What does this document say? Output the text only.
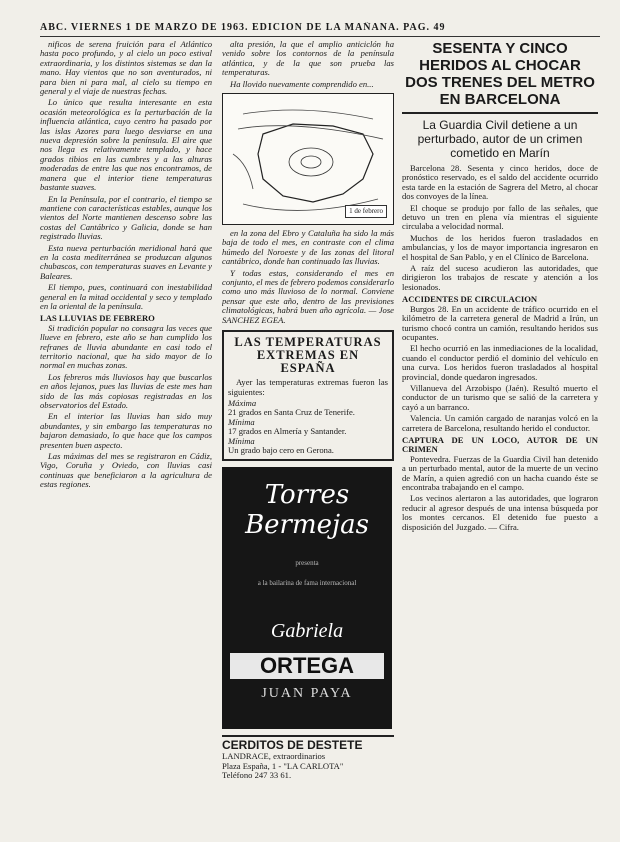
ABC. VIERNES 1 DE MARZO DE 1963. EDICION DE LA MAÑANA. PAG. 49

nificos de serena fruición para el Atlántico hasta poco profundo, y al cielo un poco estival extraordinaria, y los distintos sistemas se dan la mano. Hay vientos que no son aventurados, ni para bien ni para mal, al cielo su tiempo en general y el viaje de nuestras fechas.

Lo único que resulta interesante en esta ocasión meteorológica es la perturbación de la influencia atlántica, cuyo centro ha pasado por las islas Azores para luego desviarse en una nueva depresión sobre la península. El aire que nos llega es relativamente templado, y hace grados tibios en las cumbres y a las alturas moderadas de entre las que nos encontramos, de manera que el interior tiene temperaturas bastante suaves.

En la Península, por el contrario, el tiempo se mantiene con características estables, aunque los vientos del Norte mantienen descenso sobre las costas del Cantábrico y Galicia, donde se han registrado lluvias.

Esta nueva perturbación meridional hará que en la costa mediterránea se produzcan algunos chubascos, con temperaturas suaves en Levante y Baleares.

El tiempo, pues, continuará con inestabilidad general en la mitad occidental y seco y templado en la oriental de la península.

LAS LLUVIAS DE FEBRERO

Si tradición popular no consagra las veces que llueve en febrero, este año se han cumplido los refranes de lluvia abundante en casi todo el territorio nacional, que ha sido mayor de lo normal en muchas zonas.

Los febreros más lluviosos hay que buscarlos en años lejanos, pues las lluvias de este mes han sido de las más copiosas registradas en los observatorios del Estado.

En el interior las lluvias han sido muy abundantes, y sin embargo las temperaturas no bajaron demasiado, lo que hace que los campos presenten buen aspecto.

Las máximas del mes se registraron en Cádiz, Vigo, Coruña y Oviedo, con lluvias casi continuas que beneficiaron a la agricultura de estas regiones.

alta presión, la que el amplio anticiclón ha venido sobre los contornos de la península atlántica, y de la que son prueba las temperaturas.

Ha llovido nuevamente comprendido en...

1 de febrero

en la zona del Ebro y Cataluña ha sido la más baja de todo el mes, en contraste con el clima húmedo del Noroeste y de las zonas del litoral cantábrico, donde han continuado las lluvias.

Y todas estas, considerando el mes en conjunto, el mes de febrero podemos considerarlo como uno más lluvioso de lo normal. Conviene pensar que este año, dentro de las previsiones climatológicas, habrá buen año agrícola. — Jose SANCHEZ EGEA.

LAS TEMPERATURAS EXTREMAS EN ESPAÑA

Ayer las temperaturas extremas fueron las siguientes:

Máxima
21 grados en Santa Cruz de Tenerife.
Mínima
17 grados en Almería y Santander.
Mínima
Un grado bajo cero en Gerona.
Torres
Bermejas
presenta
a la bailarina de fama internacional
Gabriela
ORTEGA
JUAN PAYA
CERDITOS DE DESTETE
LANDRACE, extraordinarios
Plaza España, 1 - "LA CARLOTA"
Teléfono 247 33 61.
SESENTA Y CINCO HERIDOS AL CHOCAR DOS TRENES DEL METRO EN BARCELONA
La Guardia Civil detiene a un perturbado, autor de un crimen cometido en Marín

Barcelona 28. Sesenta y cinco heridos, doce de pronóstico reservado, es el saldo del accidente ocurrido esta tarde en la estación de Sagrera del Metro, al chocar dos convoyes de la línea.

El choque se produjo por fallo de las señales, que detuvo un tren en plena vía mientras el siguiente circulaba a velocidad normal.

Muchos de los heridos fueron trasladados en ambulancias, y los de mayor importancia ingresaron en el hospital de San Pablo, y en el Clínico de Barcelona.

A raíz del suceso acudieron las autoridades, que dirigieron los trabajos de rescate y atención a los lesionados.

ACCIDENTES DE CIRCULACION

Burgos 28. En un accidente de tráfico ocurrido en el kilómetro de la carretera general de Madrid a Irún, un turismo chocó contra un camión, resultando heridos sus ocupantes.

El hecho ocurrió en las inmediaciones de la localidad, cuando el conductor perdió el dominio del vehículo en una curva. Los heridos fueron trasladados al hospital provincial, donde quedaron ingresados.

Villanueva del Arzobispo (Jaén). Resultó muerto el conductor de un turismo que se salió de la carretera y cayó a un barranco.

Valencia. Un camión cargado de naranjas volcó en la carretera de Barcelona, resultando herido el conductor.

CAPTURA DE UN LOCO, AUTOR DE UN CRIMEN

Pontevedra. Fuerzas de la Guardia Civil han detenido a un perturbado mental, autor de la muerte de un vecino de Marín, a quien agredió con un hacha cuando éste se encontraba trabajando en el campo.

Los vecinos alertaron a las autoridades, que lograron reducir al agresor después de una intensa búsqueda por los montes cercanos. El detenido fue puesto a disposición del Juzgado. — Cifra.
